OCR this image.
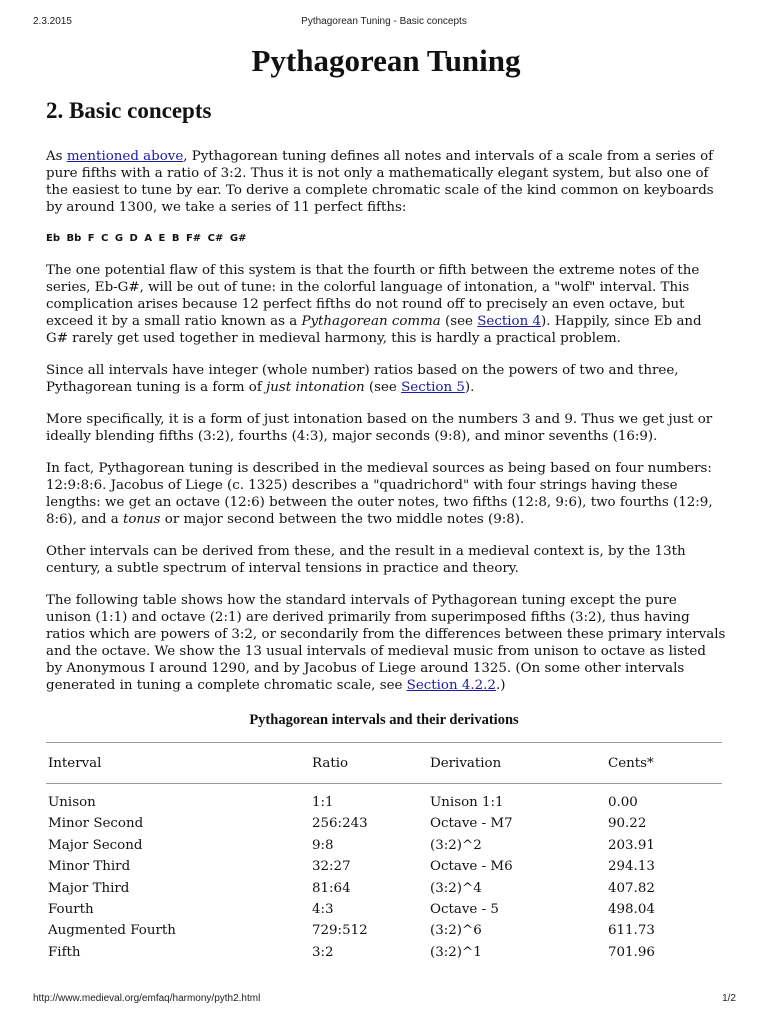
2.3.2015	Pythagorean Tuning - Basic concepts
Pythagorean Tuning
2. Basic concepts

As mentioned above, Pythagorean tuning defines all notes and intervals of a scale from a series of pure fifths with a ratio of 3:2. Thus it is not only a mathematically elegant system, but also one of the easiest to tune by ear. To derive a complete chromatic scale of the kind common on keyboards by around 1300, we take a series of 11 perfect fifths:

Eb Bb F C G D A E B F# C# G#

The one potential flaw of this system is that the fourth or fifth between the extreme notes of the series, Eb-G#, will be out of tune: in the colorful language of intonation, a "wolf" interval. This complication arises because 12 perfect fifths do not round off to precisely an even octave, but exceed it by a small ratio known as a Pythagorean comma (see Section 4). Happily, since Eb and G# rarely get used together in medieval harmony, this is hardly a practical problem.

Since all intervals have integer (whole number) ratios based on the powers of two and three, Pythagorean tuning is a form of just intonation (see Section 5).

More specifically, it is a form of just intonation based on the numbers 3 and 9. Thus we get just or ideally blending fifths (3:2), fourths (4:3), major seconds (9:8), and minor sevenths (16:9).

In fact, Pythagorean tuning is described in the medieval sources as being based on four numbers: 12:9:8:6. Jacobus of Liege (c. 1325) describes a "quadrichord" with four strings having these lengths: we get an octave (12:6) between the outer notes, two fifths (12:8, 9:6), two fourths (12:9, 8:6), and a tonus or major second between the two middle notes (9:8).

Other intervals can be derived from these, and the result in a medieval context is, by the 13th century, a subtle spectrum of interval tensions in practice and theory.

The following table shows how the standard intervals of Pythagorean tuning except the pure unison (1:1) and octave (2:1) are derived primarily from superimposed fifths (3:2), thus having ratios which are powers of 3:2, or secondarily from the differences between these primary intervals and the octave. We show the 13 usual intervals of medieval music from unison to octave as listed by Anonymous I around 1290, and by Jacobus of Liege around 1325. (On some other intervals generated in tuning a complete chromatic scale, see Section 4.2.2.)

Pythagorean intervals and their derivations
Interval	Ratio	Derivation	Cents*

Unison	1:1	Unison 1:1	0.00
Minor Second	256:243	Octave - M7	90.22
Major Second	9:8	(3:2)^2	203.91
Minor Third	32:27	Octave - M6	294.13
Major Third	81:64	(3:2)^4	407.82
Fourth	4:3	Octave - 5	498.04
Augmented Fourth	729:512	(3:2)^6	611.73
Fifth	3:2	(3:2)^1	701.96
http://www.medieval.org/emfaq/harmony/pyth2.html	1/2
